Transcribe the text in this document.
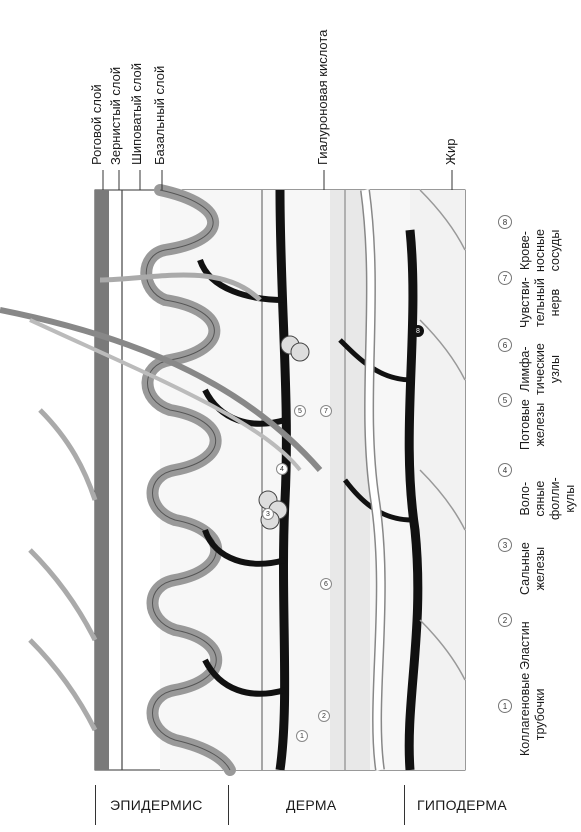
Роговой слой Зернистый слой Шиповатый слой Базальный слой	Гиалуроновая кислота	Жир
1
2
3
4
5
6
7
8
1 Коллагеновые
трубочки
2
Эластин
3 Сальные
железы
4
Воло-
сяные
фолли-
кулы
5 Потовые
железы
6
Лимфа-
тические
узлы
7 Чувстви-
тельный
нерв
8
Крове-
носные
сосуды
ЭПИДЕРМИС	ДЕРМА	ГИПОДЕРМА
